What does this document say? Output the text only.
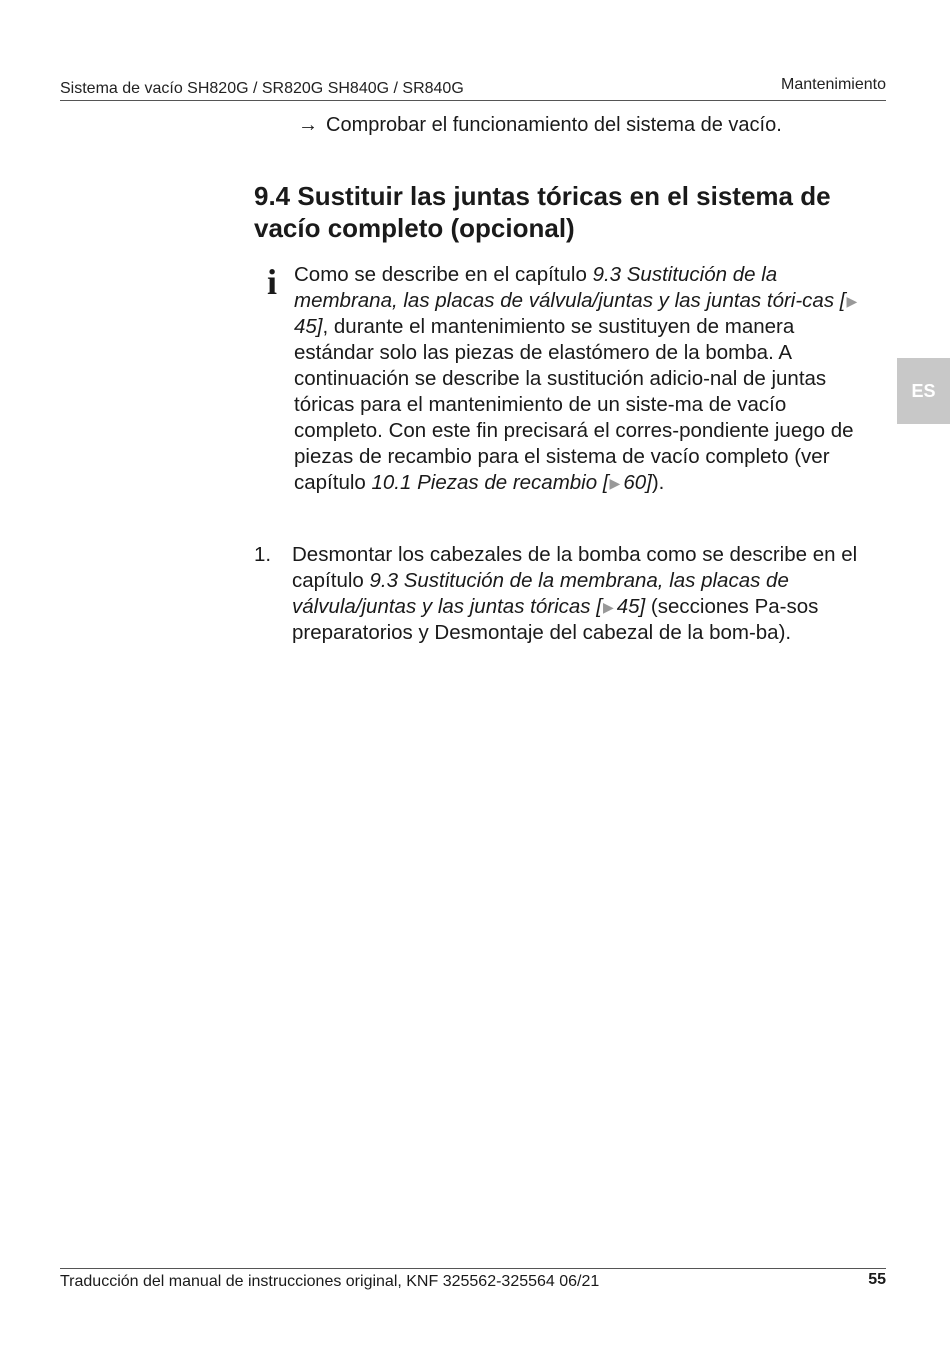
Sistema de vacío SH820G / SR820G SH840G / SR840G	Mantenimiento
→ Comprobar el funcionamiento del sistema de vacío.
9.4 Sustituir las juntas tóricas en el sistema de vacío completo (opcional)
i Como se describe en el capítulo 9.3 Sustitución de la membrana, las placas de válvula/juntas y las juntas tóri-cas [▶45], durante el mantenimiento se sustituyen de manera estándar solo las piezas de elastómero de la bomba. A continuación se describe la sustitución adicio-nal de juntas tóricas para el mantenimiento de un siste-ma de vacío completo. Con este fin precisará el corres-pondiente juego de piezas de recambio para el sistema de vacío completo (ver capítulo 10.1 Piezas de recambio [▶ 60]).
1. Desmontar los cabezales de la bomba como se describe en el capítulo 9.3 Sustitución de la membrana, las placas de válvula/juntas y las juntas tóricas [▶ 45] (secciones Pa-sos preparatorios y Desmontaje del cabezal de la bom-ba).
ES
Traducción del manual de instrucciones original, KNF 325562-325564 06/21	55
